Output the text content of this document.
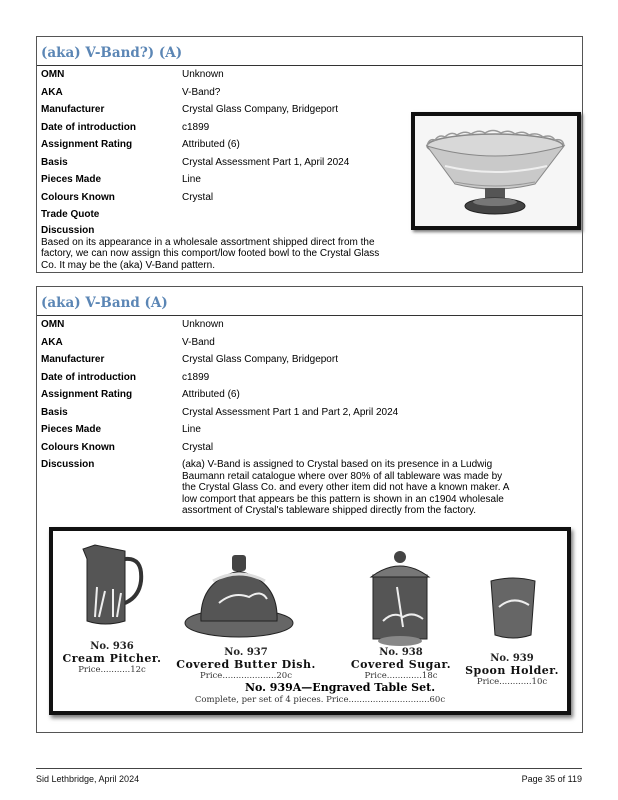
(aka) V-Band?) (A)
OMN	Unknown
AKA	V-Band?
Manufacturer	Crystal Glass Company, Bridgeport
Date of introduction	c1899
Assignment Rating	Attributed (6)
Basis	Crystal Assessment Part 1, April 2024
Pieces Made	Line
Colours Known	Crystal
Trade Quote
Discussion
Based on its appearance in a wholesale assortment shipped direct from the factory, we can now assign this comport/low footed bowl to the Crystal Glass Co. It may be the (aka) V-Band pattern.
(aka) V-Band (A)
OMN	Unknown
AKA	V-Band
Manufacturer	Crystal Glass Company, Bridgeport
Date of introduction	c1899
Assignment Rating	Attributed (6)
Basis	Crystal Assessment Part 1 and Part 2, April 2024
Pieces Made	Line
Colours Known	Crystal
Discussion	(aka) V-Band is assigned to Crystal based on its presence in a Ludwig Baumann retail catalogue where over 80% of all tableware was made by the Crystal Glass Co. and every other item did not have a known maker. A low comport that appears be this pattern is shown in an c1904 wholesale assortment of Crystal's tableware shipped directly from the factory.
No. 936
Cream Pitcher.
Price...........12c
No. 937
Covered Butter Dish.
Price....................20c
No. 938
Covered Sugar.
Price.............18c
No. 939
Spoon Holder.
Price............10c
No. 939A—Engraved Table Set.
Complete, per set of 4 pieces. Price..............................60c
Sid Lethbridge, April 2024	Page 35 of 119
